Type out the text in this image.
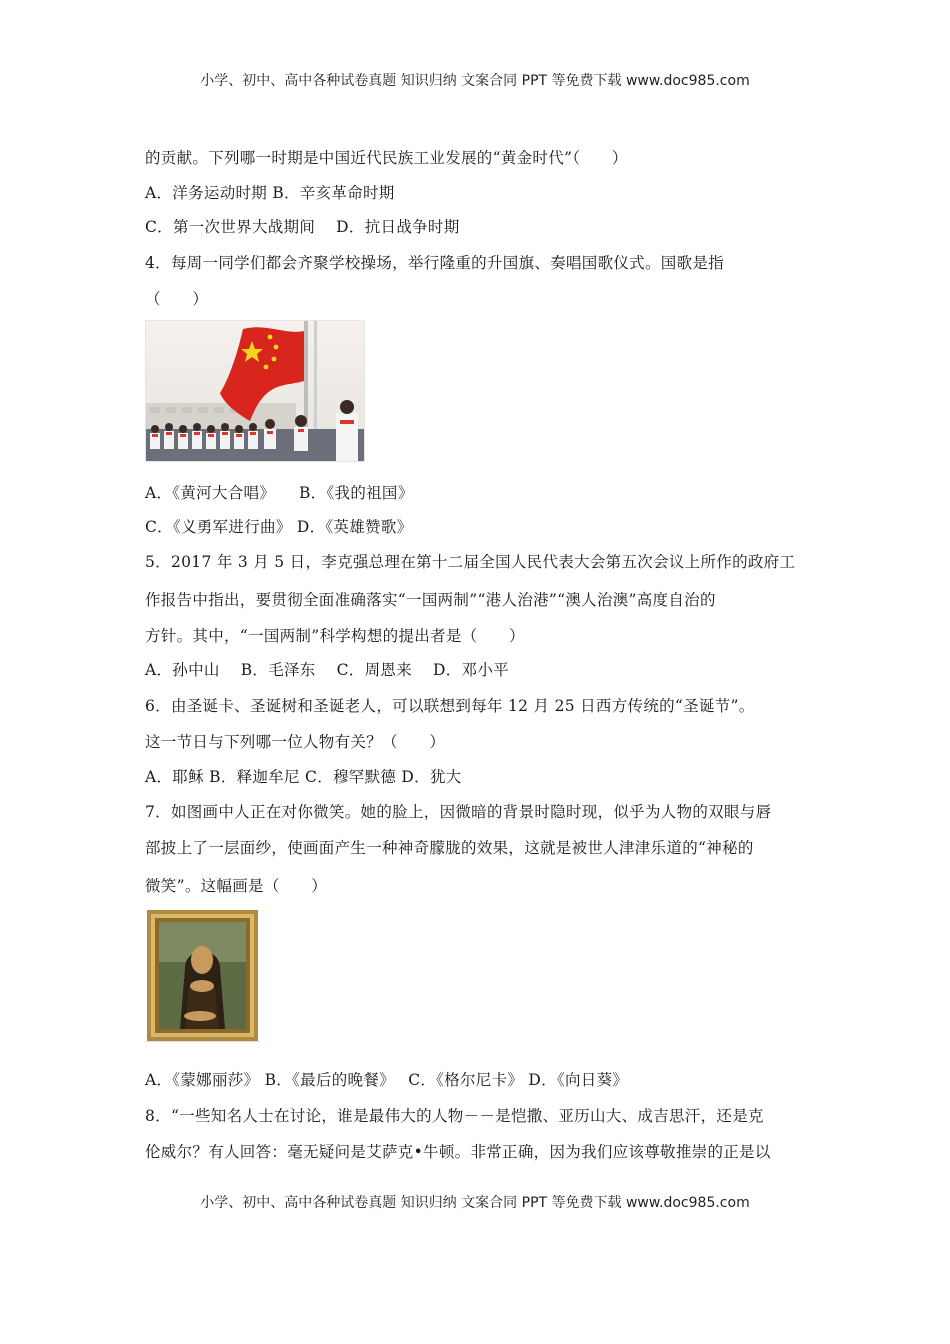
小学、初中、高中各种试卷真题 知识归纳 文案合同 PPT 等免费下载 www.doc985.com
的贡献。下列哪一时期是中国近代民族工业发展的“黄金时代”（　　）
A．洋务运动时期 B．辛亥革命时期
C．第一次世界大战期间　 D．抗日战争时期
4．每周一同学们都会齐聚学校操场，举行隆重的升国旗、奏唱国歌仪式。国歌是指
（　　）
A．《黄河大合唱》　　B．《我的祖国》
C．《义勇军进行曲》 D．《英雄赞歌》
5．2017 年 3 月 5 日，李克强总理在第十二届全国人民代表大会第五次会议上所作的政府工
作报告中指出，要贯彻全面准确落实“一国两制”“港人治港”“澳人治澳”高度自治的
方针。其中，“一国两制”科学构想的提出者是（　　）
A．孙中山　 B．毛泽东　 C．周恩来　 D．邓小平
6．由圣诞卡、圣诞树和圣诞老人，可以联想到每年 12 月 25 日西方传统的“圣诞节”。
这一节日与下列哪一位人物有关？（　　）
A．耶稣 B．释迦牟尼 C．穆罕默德 D．犹大
7．如图画中人正在对你微笑。她的脸上，因微暗的背景时隐时现，似乎为人物的双眼与唇
部披上了一层面纱，使画面产生一种神奇朦胧的效果，这就是被世人津津乐道的“神秘的
微笑”。这幅画是（　　）
A．《蒙娜丽莎》 B．《最后的晚餐》　 C．《格尔尼卡》 D．《向日葵》
8．“一些知名人士在讨论，谁是最伟大的人物－－是恺撒、亚历山大、成吉思汗，还是克
伦威尔？有人回答：毫无疑问是艾萨克•牛顿。非常正确，因为我们应该尊敬推崇的正是以
小学、初中、高中各种试卷真题 知识归纳 文案合同 PPT 等免费下载 www.doc985.com
